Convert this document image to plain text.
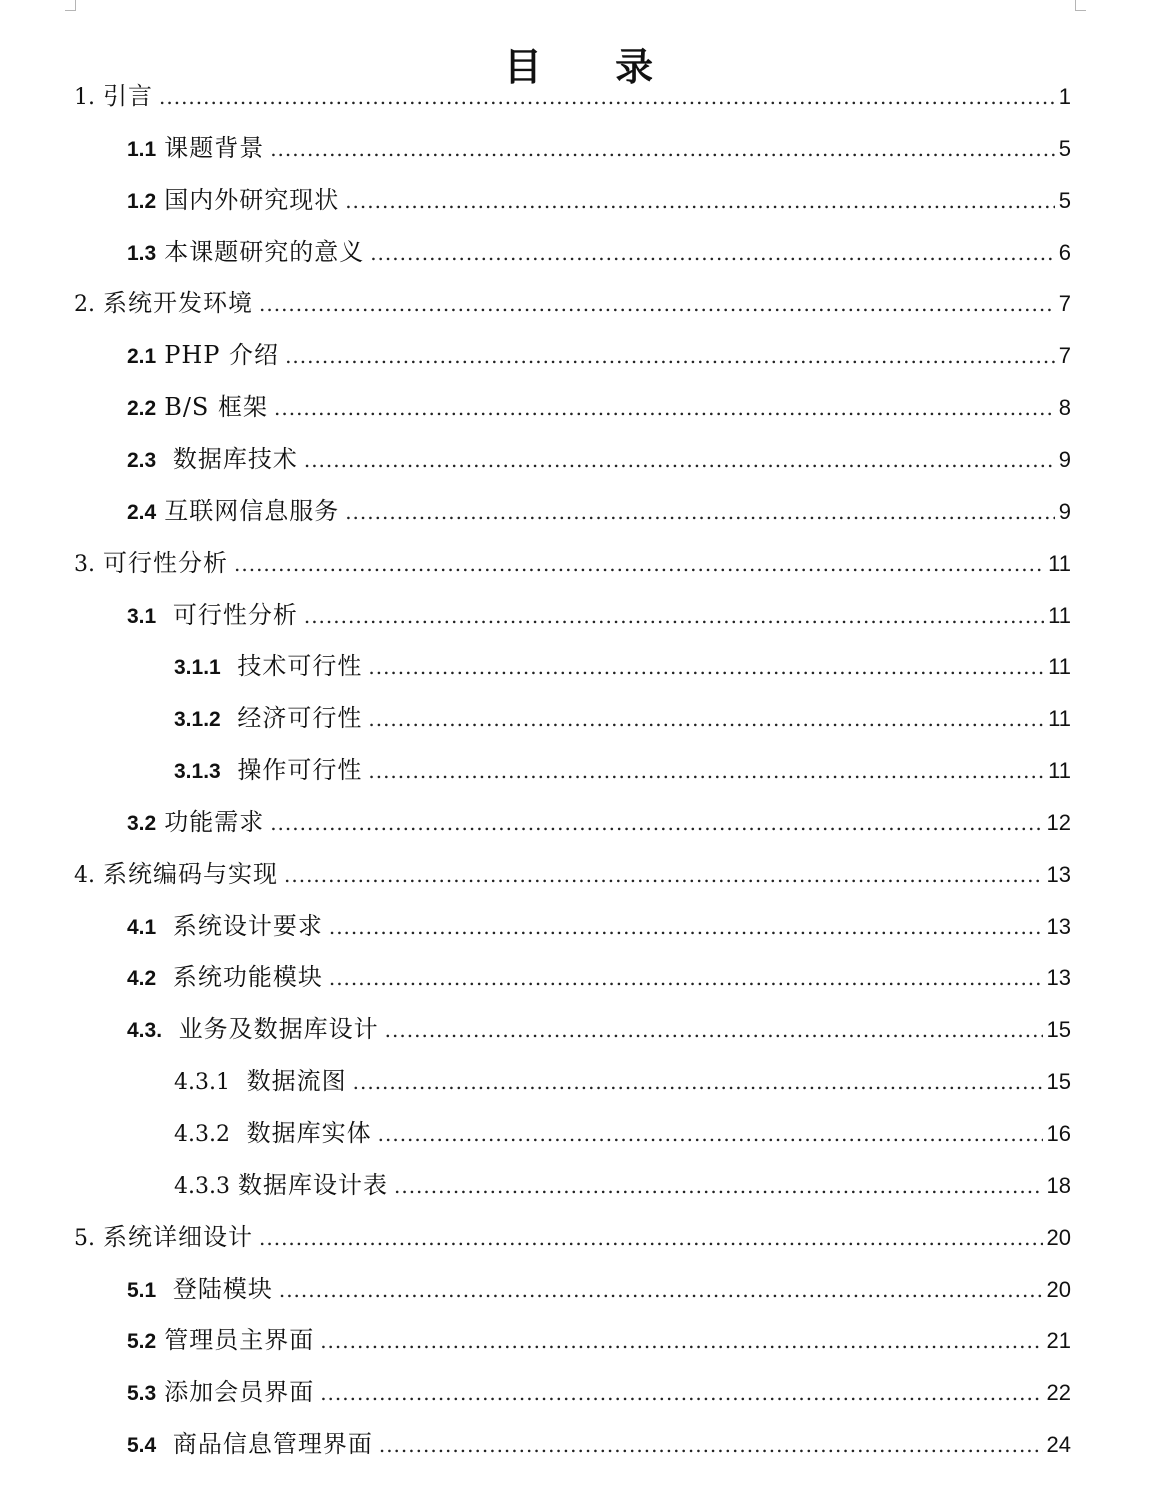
目 录
1. 引言 .....	1
1.1 课题背景 .....	5
1.2 国内外研究现状 .....	5
1.3 本课题研究的意义 .....	6
2. 系统开发环境 .....	7
2.1 PHP 介绍 .....	7
2.2 B/S 框架 .....	8
2.3 数据库技术 .....	9
2.4 互联网信息服务 .....	9
3. 可行性分析 .....	11
3.1 可行性分析 .....	11
3.1.1 技术可行性 .....	11
3.1.2 经济可行性 .....	11
3.1.3 操作可行性 .....	11
3.2 功能需求 .....	12
4. 系统编码与实现 .....	13
4.1 系统设计要求 .....	13
4.2 系统功能模块 .....	13
4.3. 业务及数据库设计 .....	15
4.3.1 数据流图 .....	15
4.3.2 数据库实体 .....	16
4.3.3 数据库设计表 .....	18
5. 系统详细设计 .....	20
5.1 登陆模块 .....	20
5.2 管理员主界面 .....	21
5.3 添加会员界面 .....	22
5.4 商品信息管理界面 .....	24
